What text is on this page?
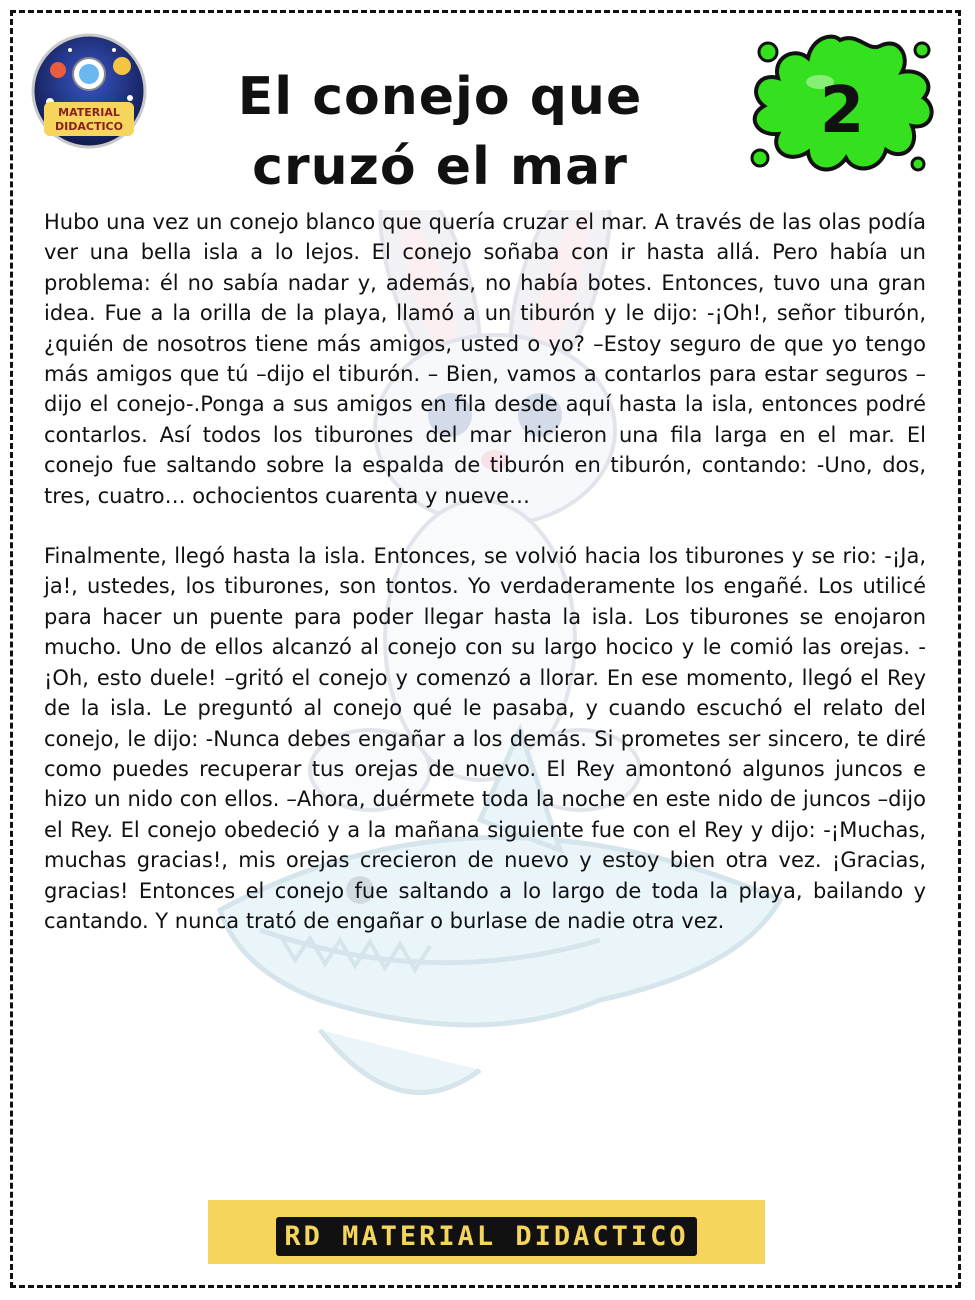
MATERIAL
DIDACTICO	El conejo que
cruzó el mar
2

Hubo una vez un conejo blanco que quería cruzar el mar. A través de las olas podía ver una bella isla a lo lejos. El conejo soñaba con ir hasta allá. Pero había un problema: él no sabía nadar y, además, no había botes. Entonces, tuvo una gran idea. Fue a la orilla de la playa, llamó a un tiburón y le dijo: -¡Oh!, señor tiburón, ¿quién de nosotros tiene más amigos, usted o yo? –Estoy seguro de que yo tengo más amigos que tú –dijo el tiburón. – Bien, vamos a contarlos para estar seguros –dijo el conejo-.Ponga a sus amigos en fila desde aquí hasta la isla, entonces podré contarlos. Así todos los tiburones del mar hicieron una fila larga en el mar. El conejo fue saltando sobre la espalda de tiburón en tiburón, contando: -Uno, dos, tres, cuatro… ochocientos cuarenta y nueve…

Finalmente, llegó hasta la isla. Entonces, se volvió hacia los tiburones y se rio: -¡Ja, ja!, ustedes, los tiburones, son tontos. Yo verdaderamente los engañé. Los utilicé para hacer un puente para poder llegar hasta la isla. Los tiburones se enojaron mucho. Uno de ellos alcanzó al conejo con su largo hocico y le comió las orejas. -¡Oh, esto duele! –gritó el conejo y comenzó a llorar. En ese momento, llegó el Rey de la isla. Le preguntó al conejo qué le pasaba, y cuando escuchó el relato del conejo, le dijo: -Nunca debes engañar a los demás. Si prometes ser sincero, te diré como puedes recuperar tus orejas de nuevo. El Rey amontonó algunos juncos e hizo un nido con ellos. –Ahora, duérmete toda la noche en este nido de juncos –dijo el Rey. El conejo obedeció y a la mañana siguiente fue con el Rey y dijo: -¡Muchas, muchas gracias!, mis orejas crecieron de nuevo y estoy bien otra vez. ¡Gracias, gracias! Entonces el conejo fue saltando a lo largo de toda la playa, bailando y cantando. Y nunca trató de engañar o burlase de nadie otra vez.

RD MATERIAL DIDACTICO
